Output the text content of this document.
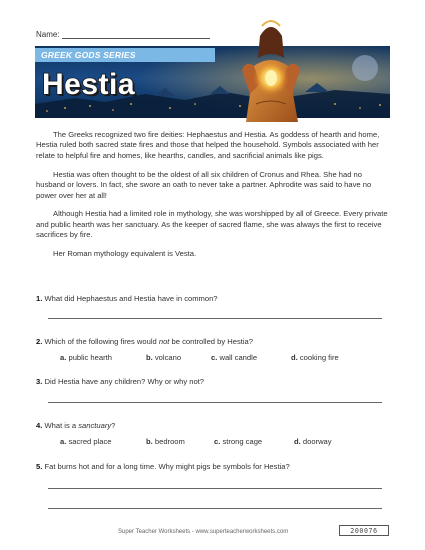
Name:
GREEK GODS SERIES
Hestia

The Greeks recognized two fire deities: Hephaestus and Hestia. As goddess of hearth and home, Hestia ruled both sacred state fires and those that helped the household. Symbols associated with her relate to helpful fire and homes, like hearths, candles, and sacrificial animals like pigs.

Hestia was often thought to be the oldest of all six children of Cronus and Rhea. She had no husband or lovers. In fact, she swore an oath to never take a partner. Aphrodite was said to have no power over her at all!

Although Hestia had a limited role in mythology, she was worshipped by all of Greece. Every private and public hearth was her sanctuary. As the keeper of sacred flame, she was always the first to receive sacrifices by fire.

Her Roman mythology equivalent is Vesta.

1. What did Hephaestus and Hestia have in common?
2. Which of the following fires would not be controlled by Hestia?
a. public hearth	b. volcano	c. wall candle	d. cooking fire
3. Did Hestia have any children? Why or why not?
4. What is a sanctuary?
a. sacred place	b. bedroom	c. strong cage	d. doorway
5. Fat burns hot and for a long time. Why might pigs be symbols for Hestia?
Super Teacher Worksheets - www.superteacherworksheets.com	200076
